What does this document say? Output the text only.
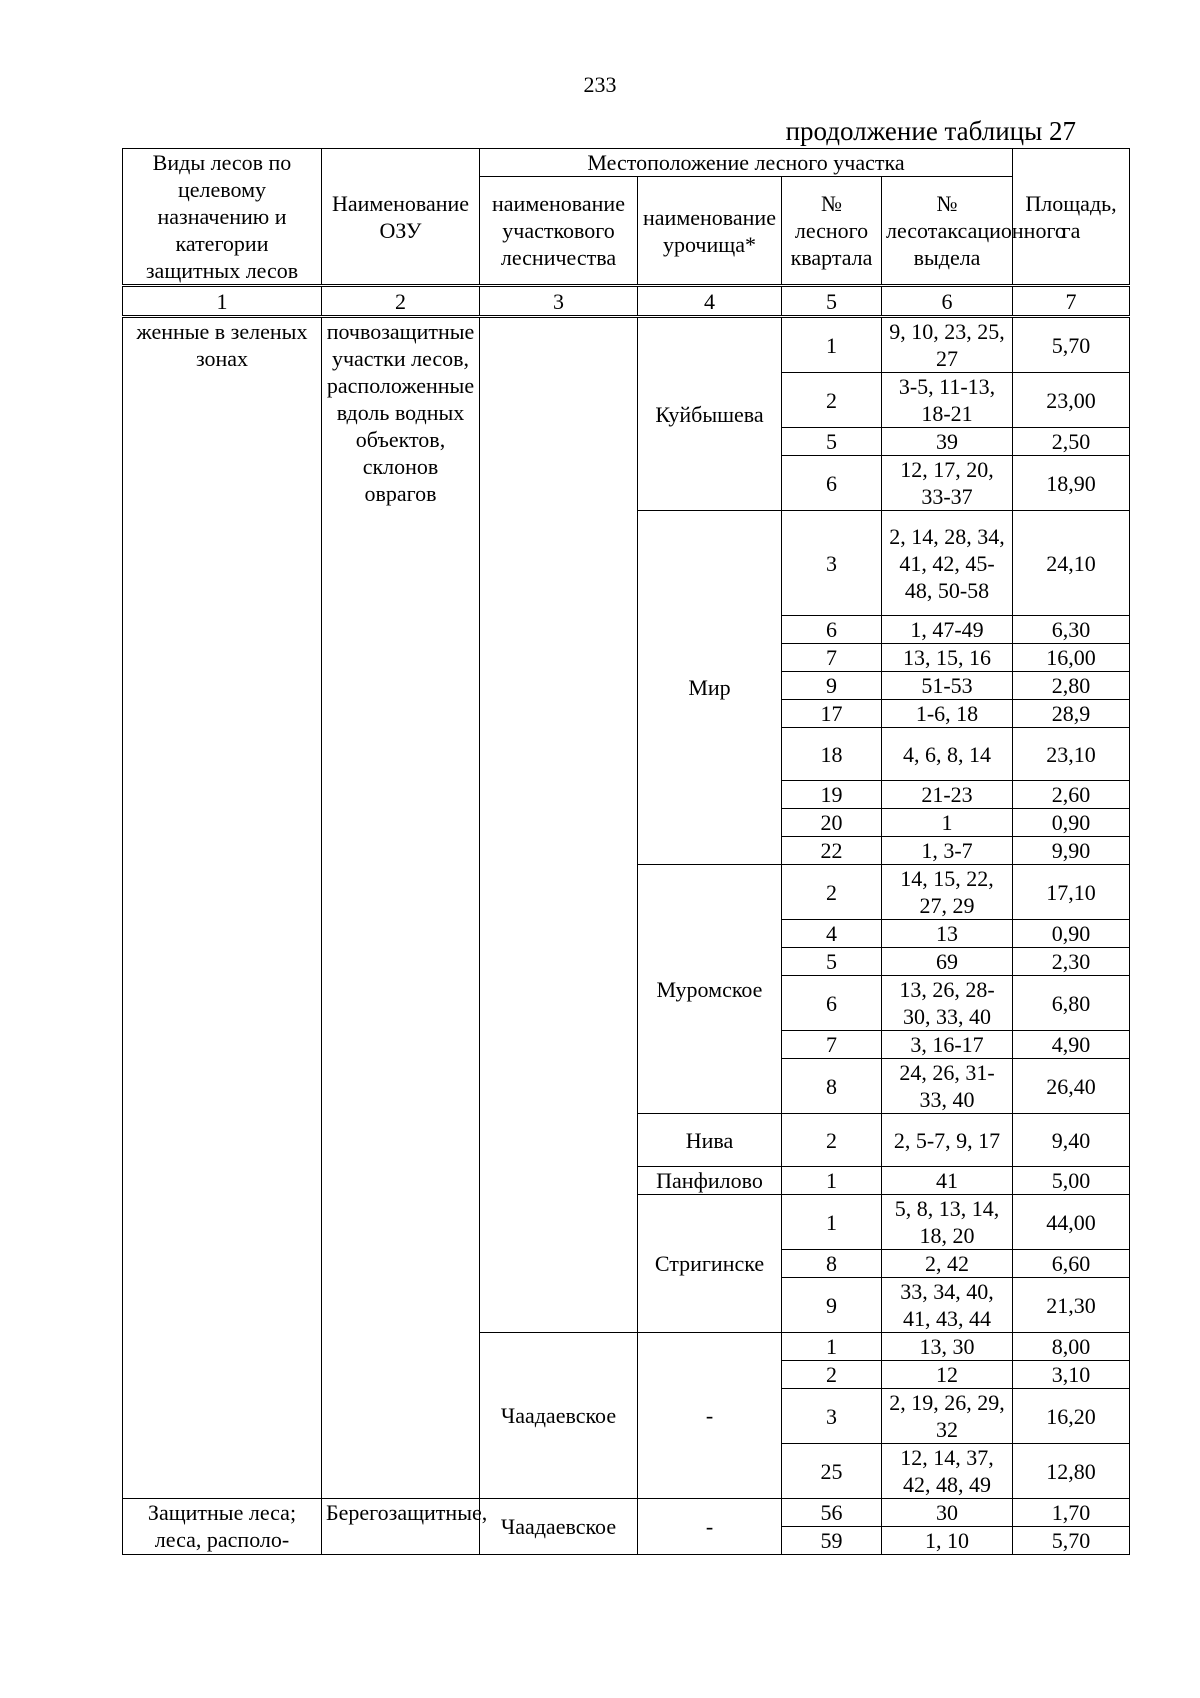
233
продолжение таблицы 27
Виды лесов по целевому назначению и категории защитных лесов	Наименование ОЗУ	Местоположение лесного участка				Площадь, га
		наименование участкового лесничества	наименование урочища*	№ лесного квартала	№ лесотаксационного выдела	
1	2	3	4	5	6	7
женные в зеленых зонах	почвозащитные участки лесов, расположенные вдоль водных объектов, склонов оврагов		Куйбышева	1	9, 10, 23, 25, 27	5,70
				2	3-5, 11-13, 18-21	23,00
				5	39	2,50
				6	12, 17, 20, 33-37	18,90
			Мир	3	2, 14, 28, 34, 41, 42, 45-48, 50-58	24,10
				6	1, 47-49	6,30
				7	13, 15, 16	16,00
				9	51-53	2,80
				17	1-6, 18	28,9
				18	4, 6, 8, 14	23,10
				19	21-23	2,60
				20	1	0,90
				22	1, 3-7	9,90
			Муромское	2	14, 15, 22, 27, 29	17,10
				4	13	0,90
				5	69	2,30
				6	13, 26, 28-30, 33, 40	6,80
				7	3, 16-17	4,90
				8	24, 26, 31-33, 40	26,40
			Нива	2	2, 5-7, 9, 17	9,40
			Панфилово	1	41	5,00
			Стригинске	1	5, 8, 13, 14, 18, 20	44,00
				8	2, 42	6,60
				9	33, 34, 40, 41, 43, 44	21,30
		Чаадаевское	-	1	13, 30	8,00
				2	12	3,10
				3	2, 19, 26, 29, 32	16,20
				25	12, 14, 37, 42, 48, 49	12,80
Защитные леса; леса, располо-	Берегозащитные,	Чаадаевское	-	56	30	1,70
				59	1, 10	5,70
